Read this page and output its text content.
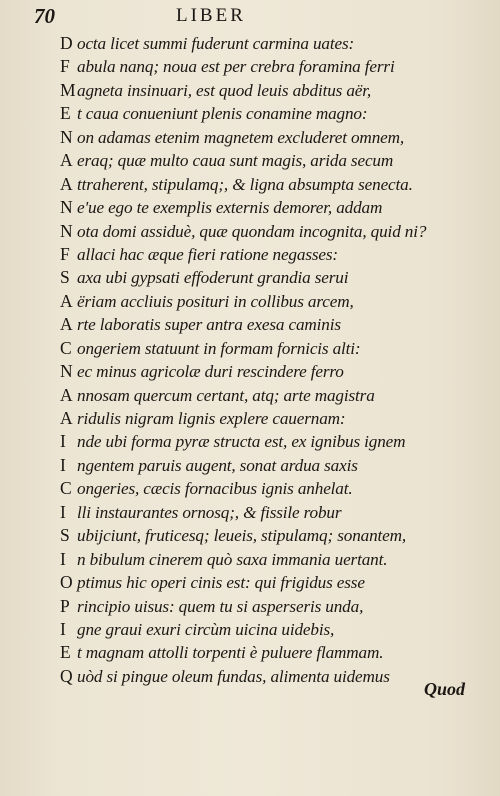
70	LIBER
D octa licet summi fuderunt carmina uates:
F abula nanq; noua est per crebra foramina ferri
M agneta insinuari, est quod leuis abditus aër,
E t caua conueniunt plenis conamine magno:
N on adamas etenim magnetem excluderet omnem,
A eraq; quæ multo caua sunt magis, arida secum
A ttraherent, stipulamq;, & ligna absumpta senecta.
N e'ue ego te exemplis externis demorer, addam
N ota domi assiduè, quæ quondam incognita, quid ni?
F allaci hac æque fieri ratione negasses:
S axa ubi gypsati effoderunt grandia serui
A ëriam accliuis posituri in collibus arcem,
A rte laboratis super antra exesa caminis
C ongeriem statuunt in formam fornicis alti:
N ec minus agricolæ duri rescindere ferro
A nnosam quercum certant, atq; arte magistra
A ridulis nigram lignis explere cauernam:
I nde ubi forma pyræ structa est, ex ignibus ignem
I ngentem paruis augent, sonat ardua saxis
C ongeries, cæcis fornacibus ignis anhelat.
I lli instaurantes ornosq;, & fissile robur
S ubijciunt, fruticesq; leueis, stipulamq; sonantem,
I n bibulum cinerem quò saxa immania uertant.
O ptimus hic operi cinis est: qui frigidus esse
P rincipio uisus: quem tu si asperseris unda,
I gne graui exuri circùm uicina uidebis,
E t magnam attolli torpenti è puluere flammam.
Q uòd si pingue oleum fundas, alimenta uidemus

Quod
